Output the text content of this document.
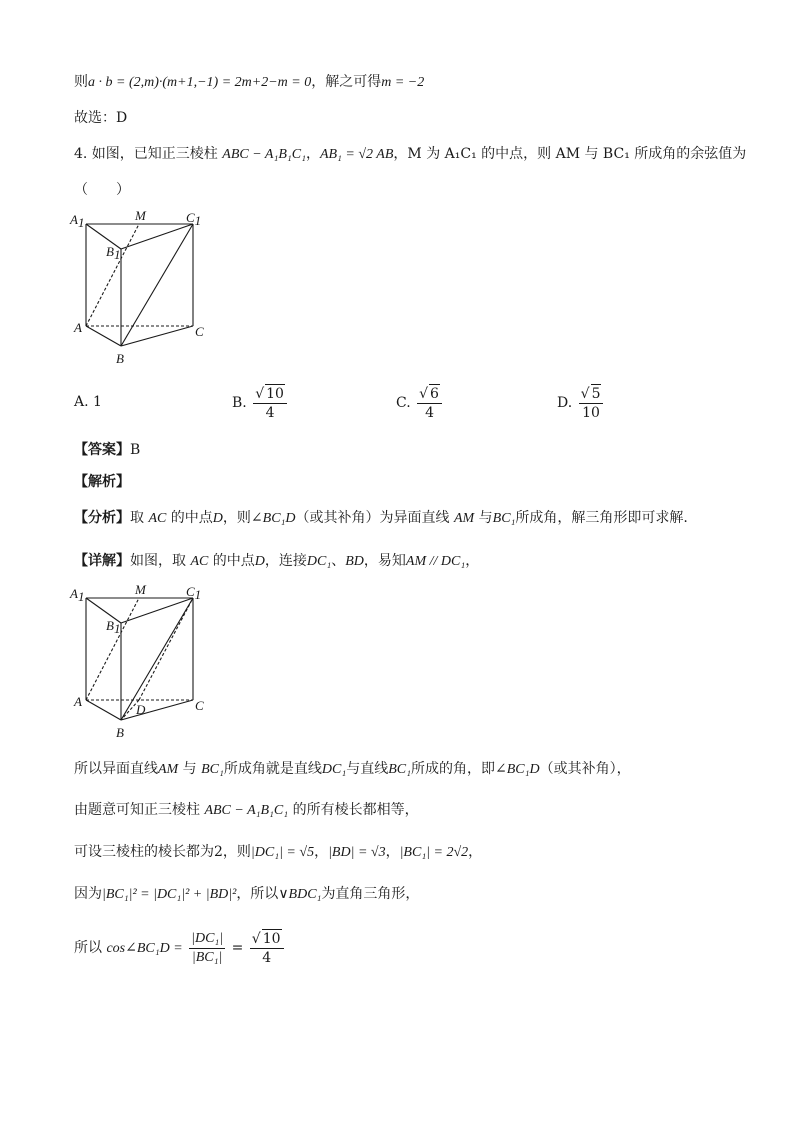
则a · b = (2,m)·(m+1,−1) = 2m+2−m = 0，解之可得m = −2
故选：D
4. 如图，已知正三棱柱 ABC − A₁B₁C₁，AB₁ = √2 AB，M 为 A₁C₁ 的中点，则 AM 与 BC₁ 所成角的余弦值为
（　　）
A1	M	C1
B1
A	C
B
A. 1	B. $\frac{√ 10}{4}$	C. $\frac{√ 6}{4}$	D. $\frac{√ 5}{10}$
【答案】B
【解析】
【分析】取 AC 的中点D，则∠BC₁D（或其补角）为异面直线 AM 与BC₁所成角，解三角形即可求解.
【详解】如图，取 AC 的中点D，连接DC₁、BD，易知AM // DC₁，
A1	M	C1
B1
A
D	C
B
所以异面直线AM 与 BC₁所成角就是直线DC₁与直线BC₁所成的角，即∠BC₁D（或其补角），
由题意可知正三棱柱 ABC − A₁B₁C₁ 的所有棱长都相等，
可设三棱柱的棱长都为2，则|DC₁| = √5，|BD| = √3，|BC₁| = 2√2，
因为|BC₁|² = |DC₁|² + |BD|²，所以∨BDC₁为直角三角形，
所以 cos∠BC₁D = $\frac{\text{|DC₁|}}{\text{|BC₁|}} = \frac{√ 10}{4}$
